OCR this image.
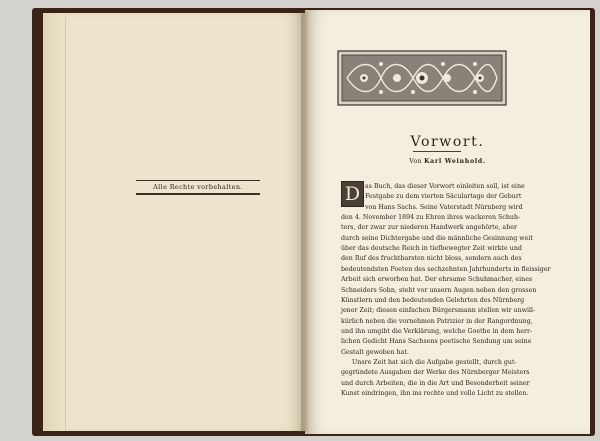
Alle Rechte vorbehalten.
Vorwort.
Von Karl Weinhold.
D as Buch, das dieser Vorwort einleiten soll, ist eine
Festgabe zu dem vierten Säculartage der Geburt
von Hans Sachs. Seine Vaterstadt Nürnberg wird
den 4. November 1894 zu Ehren ihres wackeren Schuh-
ters, der zwar zur niederen Handwerk angehörte, aber
durch seine Dichtergabe und die männliche Gesinnung weit
über das deutsche Reich in tiefbewegter Zeit wirkte und
den Ruf des fruchtbarsten nicht bloss, sondern auch des
bedeutendsten Poeten des sechzehnten Jahrhunderts in fleissiger
Arbeit sich erworben hat. Der ehrsame Schuhmacher, eines
Schneiders Sohn, steht vor unsern Augen neben den grossen
Künstlern und den bedeutenden Gelehrten des Nürnberg
jener Zeit; diesen einfachen Bürgersmann stellen wir unwill-
kürlich neben die vornehmen Patrizier in der Rangordnung,
und ihn umgibt die Verklärung, welche Goethe in dem herr-
lichen Gedicht Hans Sachsens poetische Sendung um seine
Gestalt gewoben hat.
Unsre Zeit hat sich die Aufgabe gestellt, durch gut-
gegründete Ausgaben der Werke des Nürnberger Meisters
und durch Arbeiten, die in die Art und Besonderheit seiner
Kunst eindringen, ihn ins rechte und volle Licht zu stellen.
